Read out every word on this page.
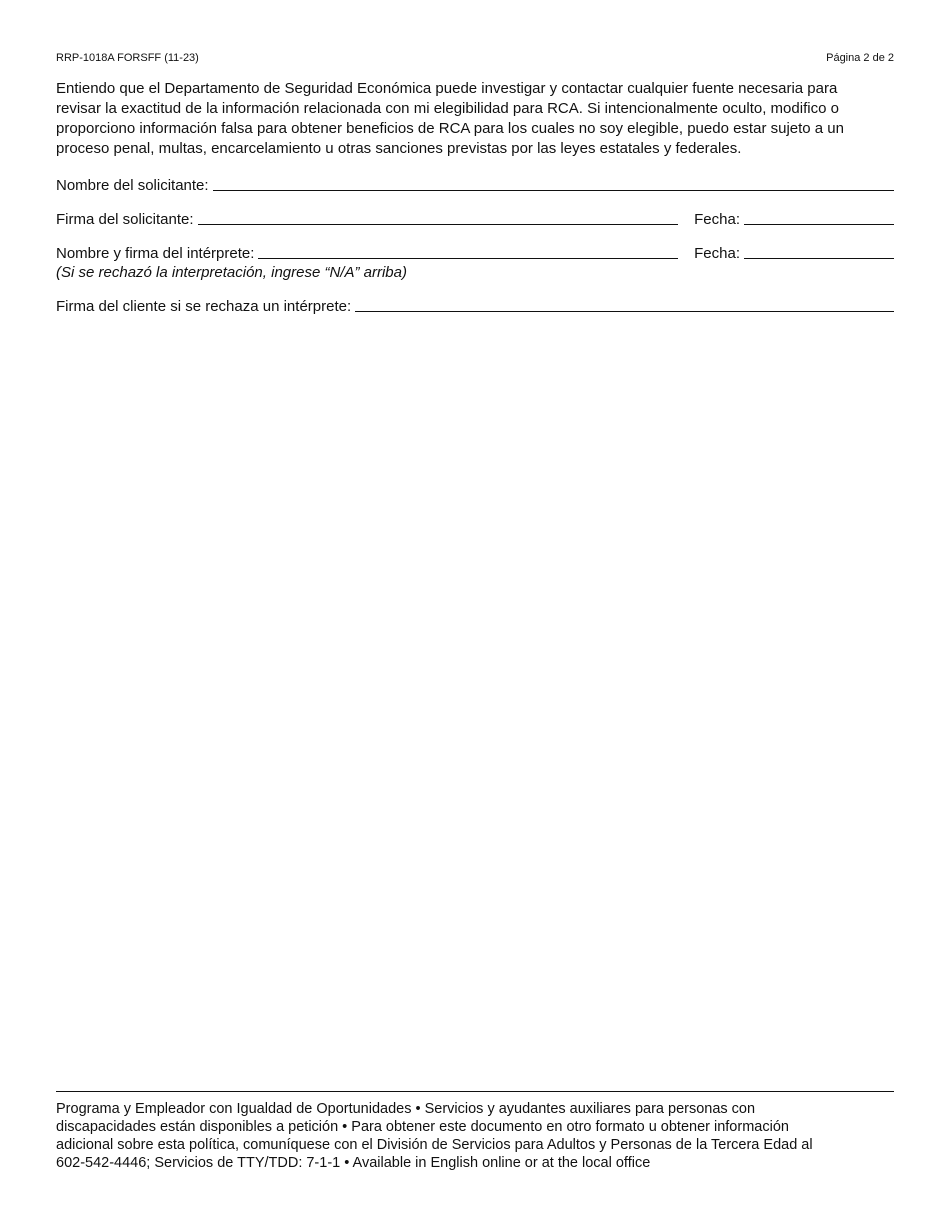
RRP-1018A FORSFF (11-23)	Página 2 de 2
Entiendo que el Departamento de Seguridad Económica puede investigar y contactar cualquier fuente necesaria para
revisar la exactitud de la información relacionada con mi elegibilidad para RCA. Si intencionalmente oculto, modifico o
proporciono información falsa para obtener beneficios de RCA para los cuales no soy elegible, puedo estar sujeto a un
proceso penal, multas, encarcelamiento u otras sanciones previstas por las leyes estatales y federales.
Nombre del solicitante:
Firma del solicitante:	Fecha:
Nombre y firma del intérprete:	Fecha:
(Si se rechazó la interpretación, ingrese “N/A” arriba)
Firma del cliente si se rechaza un intérprete:
Programa y Empleador con Igualdad de Oportunidades • Servicios y ayudantes auxiliares para personas con
discapacidades están disponibles a petición • Para obtener este documento en otro formato u obtener información
adicional sobre esta política, comuníquese con el División de Servicios para Adultos y Personas de la Tercera Edad al
602-542-4446; Servicios de TTY/TDD: 7-1-1 • Available in English online or at the local office
